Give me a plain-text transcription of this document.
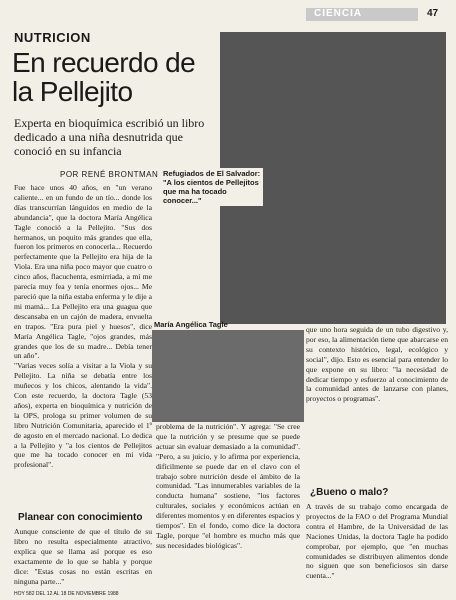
CIENCIA	47
NUTRICION
En recuerdo de la Pellejito
Experta en bioquímica escribió un libro dedicado a una niña desnutrida que conoció en su infancia
POR RENÉ BRONTMAN Refugiados de El Salvador: "A los cientos de Pellejitos que ma ha tocado conocer..."

Fue hace unos 40 años, en "un verano caliente... en un fundo de un tío... donde los días transcurrían lánguidos en medio de la abundancia", que la doctora María Angélica Tagle conoció a la Pellejito. "Sus dos hermanos, un poquito más grandes que ella, fueron los primeros en conocerla... Recuerdo perfectamente que la Pellejito era hija de la Viola. Era una niña poco mayor que cuatro o cinco años, flacuchenta, esmirriada, a mí me parecía muy fea y tenía enormes ojos... Me pareció que la niña estaba enferma y le dije a mi mamá... La Pellejito era una guagua que descansaba en un cajón de madera, envuelta en trapos. "Era pura piel y huesos", dice María Angélica Tagle, "ojos grandes, más grandes que los de su madre... Debía tener un año".

"Varias veces solía a visitar a la Viola y su Pellejito. La niña se debatía entre los muñecos y los chicos, alentando la vida". Con este recuerdo, la doctora Tagle (53 años), experta en bioquímica y nutrición de la OPS, prologa su primer volumen de su libro Nutrición Comunitaria, aparecido el 1º de agosto en el mercado nacional. Lo dedica a la Pellejito y "a los cientos de Pellejitos que me ha tocado conocer en mi vida profesional".

Planear con conocimiento

Aunque consciente de que el título de su libro no resulta especialmente atractivo, explica que se llama así porque es eso exactamente de lo que se habla y porque dice: "Estas cosas no están escritas en ninguna parte..."

María Angélica Tagle

problema de la nutrición". Y agrega: "Se cree que la nutrición y se presume que se puede actuar sin evaluar demasiado a la comunidad". "Pero, a su juicio, y lo afirma por experiencia, difícilmente se puede dar en el clavo con el trabajo sobre nutrición desde el ámbito de la comunidad. "Las innumerables variables de la conducta humana" sostiene, "los factores culturales, sociales y económicos actúan en diferentes momentos y en diferentes espacios y tiempos". En el fondo, como dice la doctora Tagle, porque "el hombre es mucho más que sus necesidades biológicas".

que uno hora seguida de un tubo digestivo y, por eso, la alimentación tiene que abarcarse en su contexto histórico, legal, ecológico y social", dijo. Esto es esencial para entender lo que expone en su libro: "la necesidad de dedicar tiempo y esfuerzo al conocimiento de la comunidad antes de lanzarse con planes, proyectos o programas".

¿Bueno o malo?

A través de su trabajo como encargada de proyectos de la FAO o del Programa Mundial contra el Hambre, de la Universidad de las Naciones Unidas, la doctora Tagle ha podido comprobar, por ejemplo, que "en muchas comunidades se distribuyen alimentos donde no siguen que son beneficiosos sin darse cuenta..."

HOY 582 DEL 12 AL 18 DE NOVIEMBRE 1988
